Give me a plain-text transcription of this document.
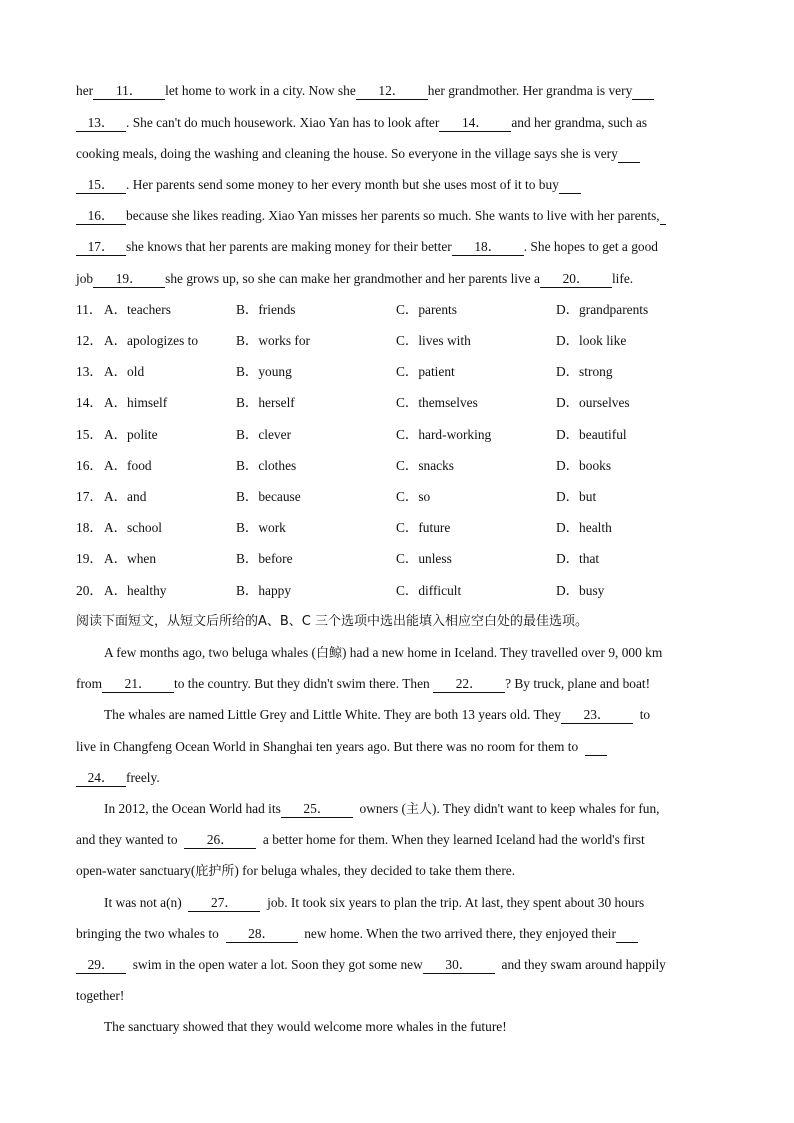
her 11． let home to work in a city. Now she 12． her grandmother. Her grandma is very
13． . She can't do much housework. Xiao Yan has to look after 14． and her grandma, such as
cooking meals, doing the washing and cleaning the house. So everyone in the village says she is very
15． . Her parents send some money to her every month but she uses most of it to buy
16． because she likes reading. Xiao Yan misses her parents so much. She wants to live with her parents,
17． she knows that her parents are making money for their better 18． . She hopes to get a good
job 19． she grows up, so she can make her grandmother and her parents live a 20． life.
11． A．teachers	B．friends	C．parents	D．grandparents
12． A．apologizes to	B．works for	C．lives with	D．look like
13． A．old	B．young	C．patient	D．strong
14． A．himself	B．herself	C．themselves	D．ourselves
15． A．polite	B．clever	C．hard-working	D．beautiful
16． A．food	B．clothes	C．snacks	D．books
17． A．and	B．because	C．so	D．but
18． A．school	B．work	C．future	D．health
19． A．when	B．before	C．unless	D．that
20． A．healthy	B．happy	C．difficult	D．busy
阅读下面短文，从短文后所给的A、B、C 三个选项中选出能填入相应空白处的最佳选项。
A few months ago, two beluga whales (白鲸) had a new home in Iceland. They travelled over 9, 000 km
from 21． to the country. But they didn't swim there. Then 22． ? By truck, plane and boat!
The whales are named Little Grey and Little White. They are both 13 years old. They 23． to
live in Changfeng Ocean World in Shanghai ten years ago. But there was no room for them to
24． freely.
In 2012, the Ocean World had its 25． owners (主人). They didn't want to keep whales for fun,
and they wanted to 26． a better home for them. When they learned Iceland had the world's first
open-water sanctuary(庇护所) for beluga whales, they decided to take them there.
It was not a(n) 27． job. It took six years to plan the trip. At last, they spent about 30 hours
bringing the two whales to 28． new home. When the two arrived there, they enjoyed their
29． swim in the open water a lot. Soon they got some new 30． and they swam around happily
together!
The sanctuary showed that they would welcome more whales in the future!
